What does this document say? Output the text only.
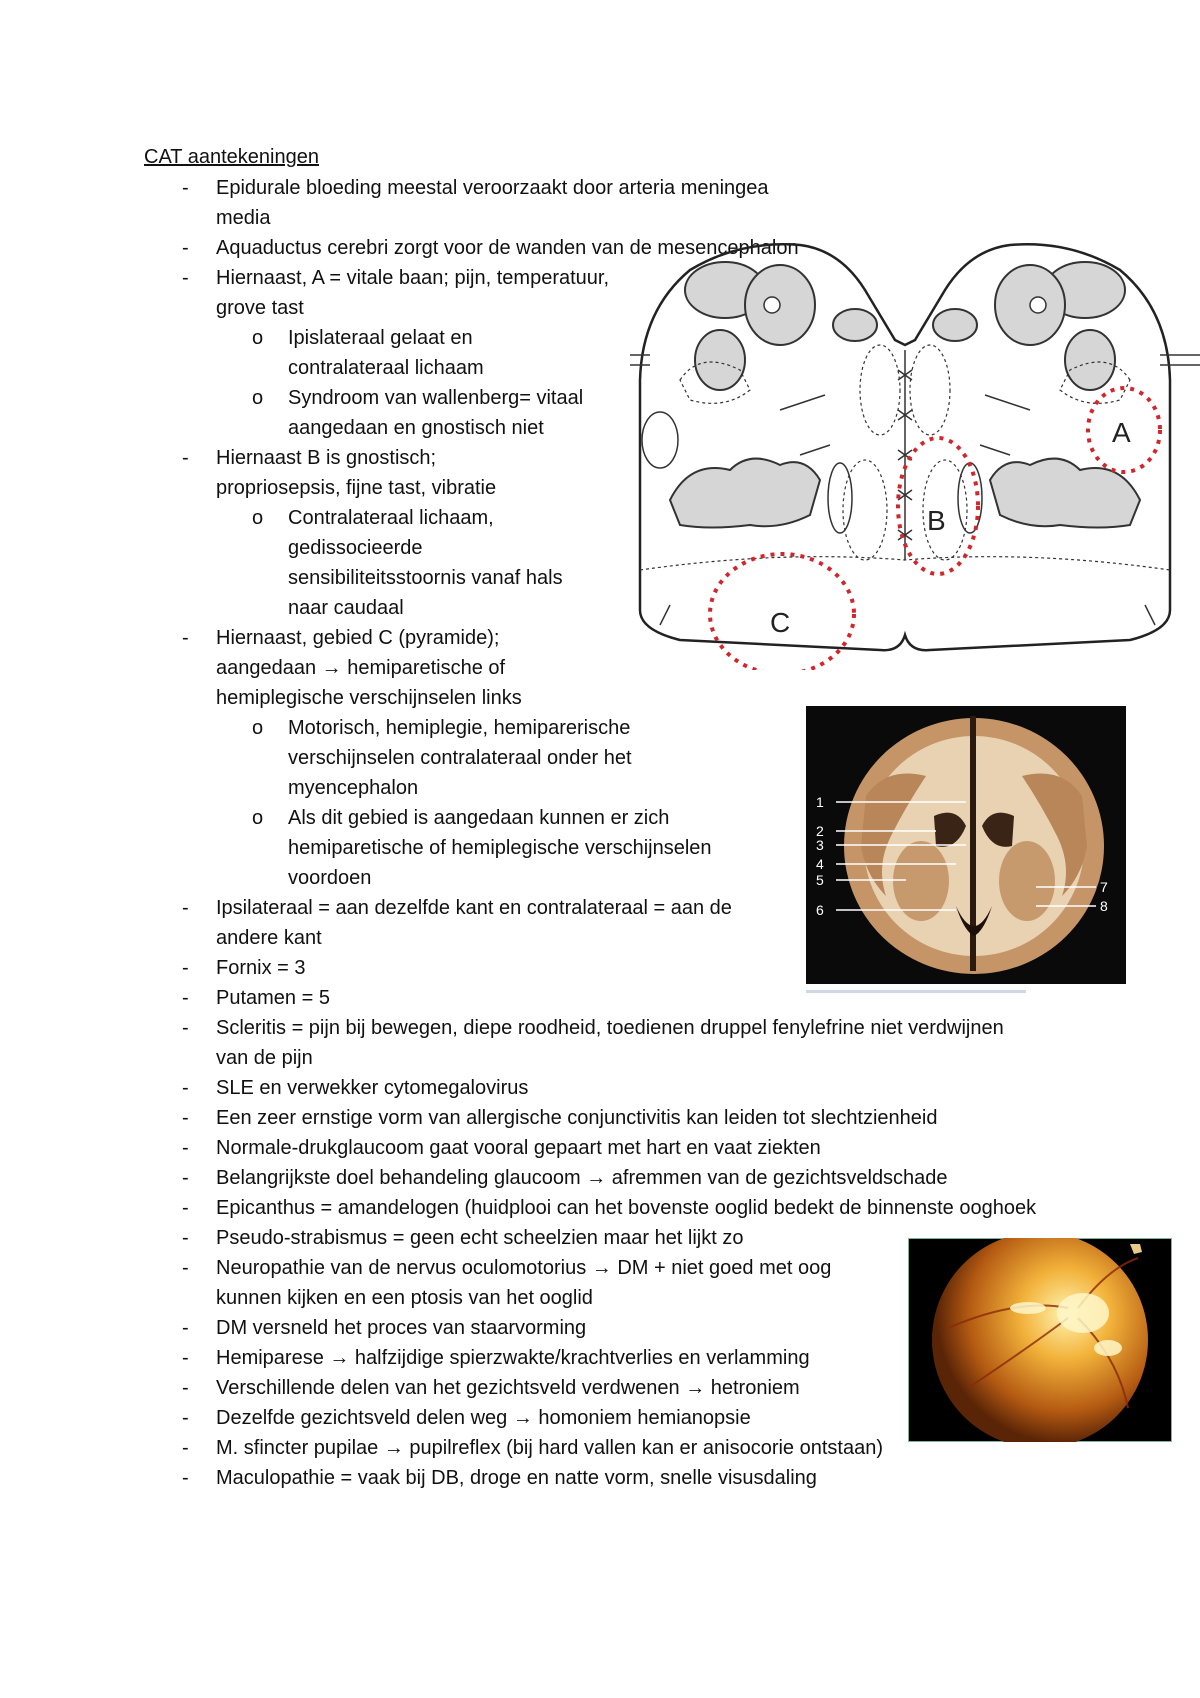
CAT aantekeningen
- Epidurale bloeding meestal veroorzaakt door arteria meningea media
- Aquaductus cerebri zorgt voor de wanden van de mesencephalon
- Hiernaast, A = vitale baan; pijn, temperatuur, grove tast
o Ipislateraal gelaat en contralateraal lichaam
o Syndroom van wallenberg= vitaal aangedaan en gnostisch niet
- Hiernaast B is gnostisch; propriosepsis, fijne tast, vibratie
o Contralateraal lichaam, gedissocieerde sensibiliteitsstoornis vanaf hals naar caudaal
- Hiernaast, gebied C (pyramide); aangedaan → hemiparetische of hemiplegische verschijnselen links
o Motorisch, hemiplegie, hemiparerische verschijnselen contralateraal onder het myencephalon
o Als dit gebied is aangedaan kunnen er zich hemiparetische of hemiplegische verschijnselen voordoen
- Ipsilateraal = aan dezelfde kant en contralateraal = aan de andere kant
- Fornix = 3
- Putamen = 5
- Scleritis = pijn bij bewegen, diepe roodheid, toedienen druppel fenylefrine niet verdwijnen van de pijn
- SLE en verwekker cytomegalovirus
- Een zeer ernstige vorm van allergische conjunctivitis kan leiden tot slechtzienheid
- Normale-drukglaucoom gaat vooral gepaart met hart en vaat ziekten
- Belangrijkste doel behandeling glaucoom → afremmen van de gezichtsveldschade
- Epicanthus = amandelogen (huidplooi can het bovenste ooglid bedekt de binnenste ooghoek
- Pseudo-strabismus = geen echt scheelzien maar het lijkt zo
- Neuropathie van de nervus oculomotorius → DM + niet goed met oog kunnen kijken en een ptosis van het ooglid
- DM versneld het proces van staarvorming
- Hemiparese → halfzijdige spierzwakte/krachtverlies en verlamming
- Verschillende delen van het gezichtsveld verdwenen → hetroniem
- Dezelfde gezichtsveld delen weg → homoniem hemianopsie
- M. sfincter pupilae → pupilreflex (bij hard vallen kan er anisocorie ontstaan)
- Maculopathie = vaak bij DB, droge en natte vorm, snelle visusdaling
A
B
C
1
2
3
4
5
6
7
8
